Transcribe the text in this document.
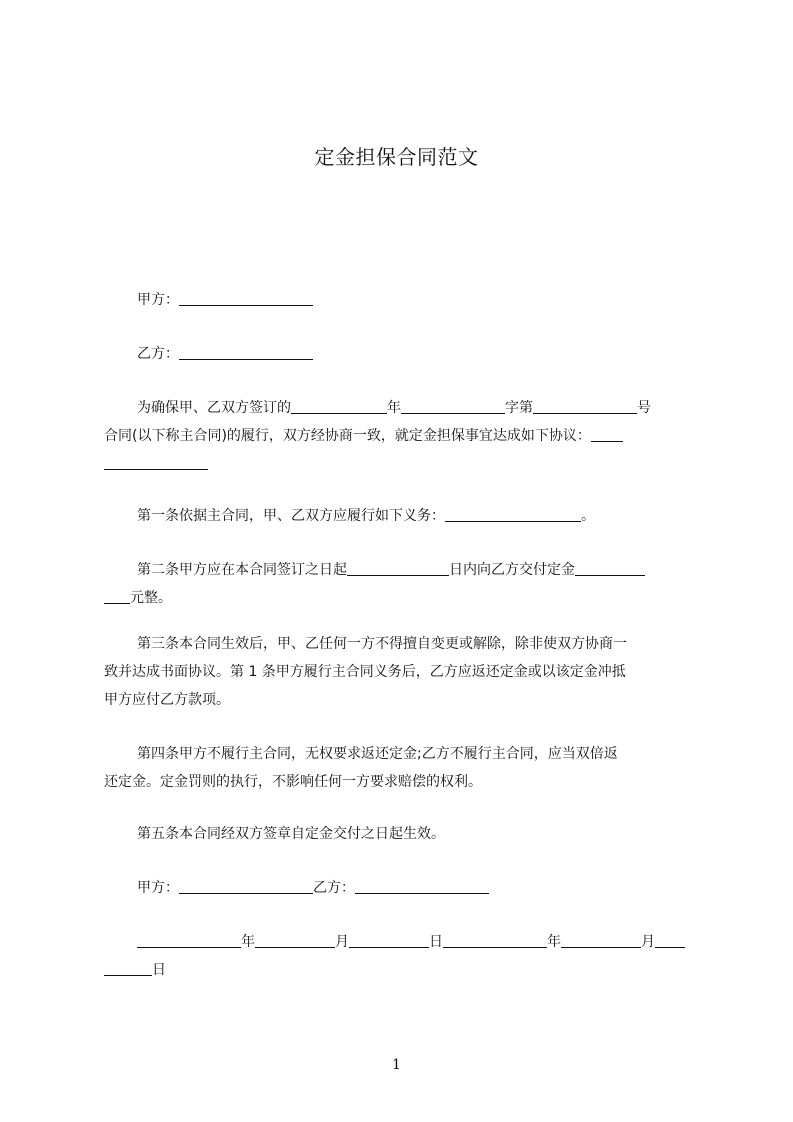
定金担保合同范文
甲方：
乙方：
为确保甲、乙双方签订的	年	字第	号
合同(以下称主合同)的履行，双方经协商一致，就定金担保事宜达成如下协议：
第一条依据主合同，甲、乙双方应履行如下义务：	。
第二条甲方应在本合同签订之日起	日内向乙方交付定金
元整。
第三条本合同生效后，甲、乙任何一方不得擅自变更或解除，除非使双方协商一
致并达成书面协议。第 1 条甲方履行主合同义务后，乙方应返还定金或以该定金冲抵
甲方应付乙方款项。
第四条甲方不履行主合同，无权要求返还定金;乙方不履行主合同，应当双倍返
还定金。定金罚则的执行，不影响任何一方要求赔偿的权利。
第五条本合同经双方签章自定金交付之日起生效。
甲方：	乙方：
年	月	日	年	月
日
1
